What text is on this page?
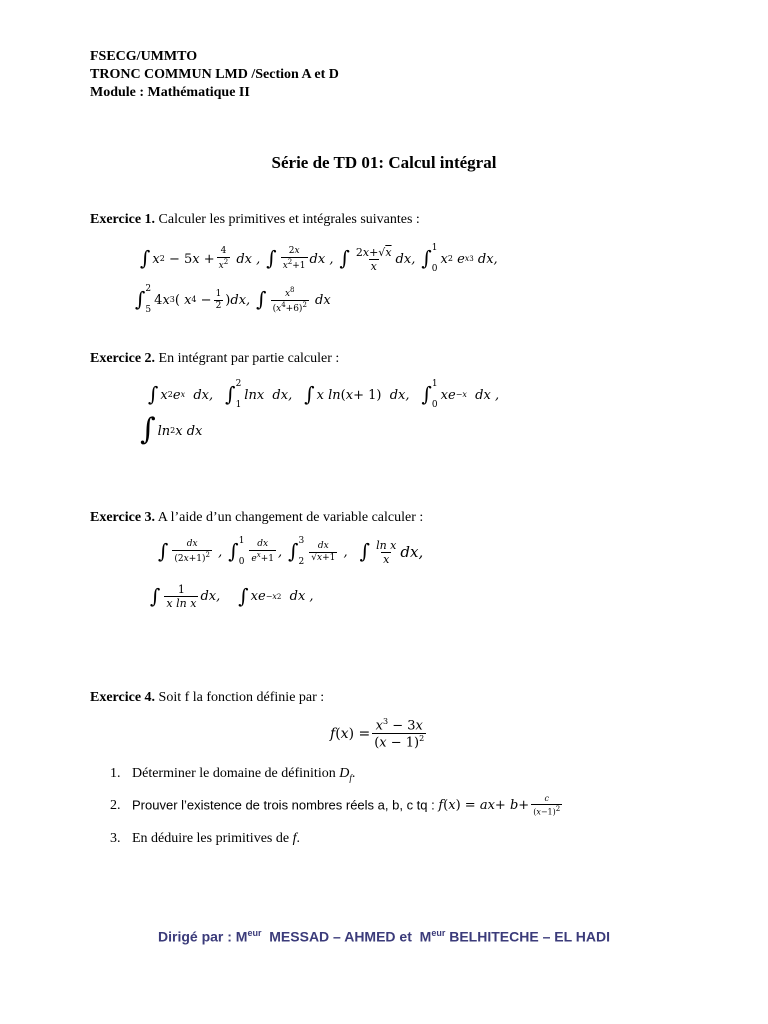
FSECG/UMMTO
TRONC COMMUN LMD /Section A et D
Module : Mathématique II
Série de TD 01: Calcul intégral
Exercice 1. Calculer les primitives et intégrales suivantes :
∫ x 2
− 5 $x + \frac{4}{x^2}$ dx , ∫ $\frac{2x}{x^2+1}$ dx , ∫ $\frac{2x+√x}{x}$ dx, ∫ 1
0
x 2 e x3 dx,
∫ 2
5
4 x 3 ( x 4
− $\frac{1}{2}$ ) dx, ∫ $\frac{x^8}{(x^4+6)^2}$ dx
Exercice 2. En intégrant par partie calculer :
∫ x 2 e x dx, ∫ 2
1
lnx  dx, ∫ x ln ( x + 1) dx, ∫ 1
0
xe −x dx ,
∫ ln 2 x dx
Exercice 3. A l’aide d’un changement de variable calculer :
∫ $\frac{dx}{(2x+1)^2}$ , ∫ 1
$0 \frac{dx}{e^x+1}$ , ∫ 3
$2 \frac{dx}{√x+1}$ , ∫ $\frac{\text{ln x}}{x}$ dx,
∫ $\frac{1}{\text{x ln x}}$ dx, ∫ xe −x2 dx ,
Exercice 4. Soit f la fonction définie par :
f ( x ) = $\frac{x^3 - 3x}{(x - 1)^2}$
1. Déterminer le domaine de définition $D_f$.
2. Prouver l’existence de trois nombres réels a, b, c tq : f ( x ) = ax + $b + \frac{c}{(x-1)^2}$
3. En déduire les primitives de f.
Dirigé par : $M^{eur}$  MESSAD – AHMED et  $M^{eur}$ BELHITECHE – EL HADI
